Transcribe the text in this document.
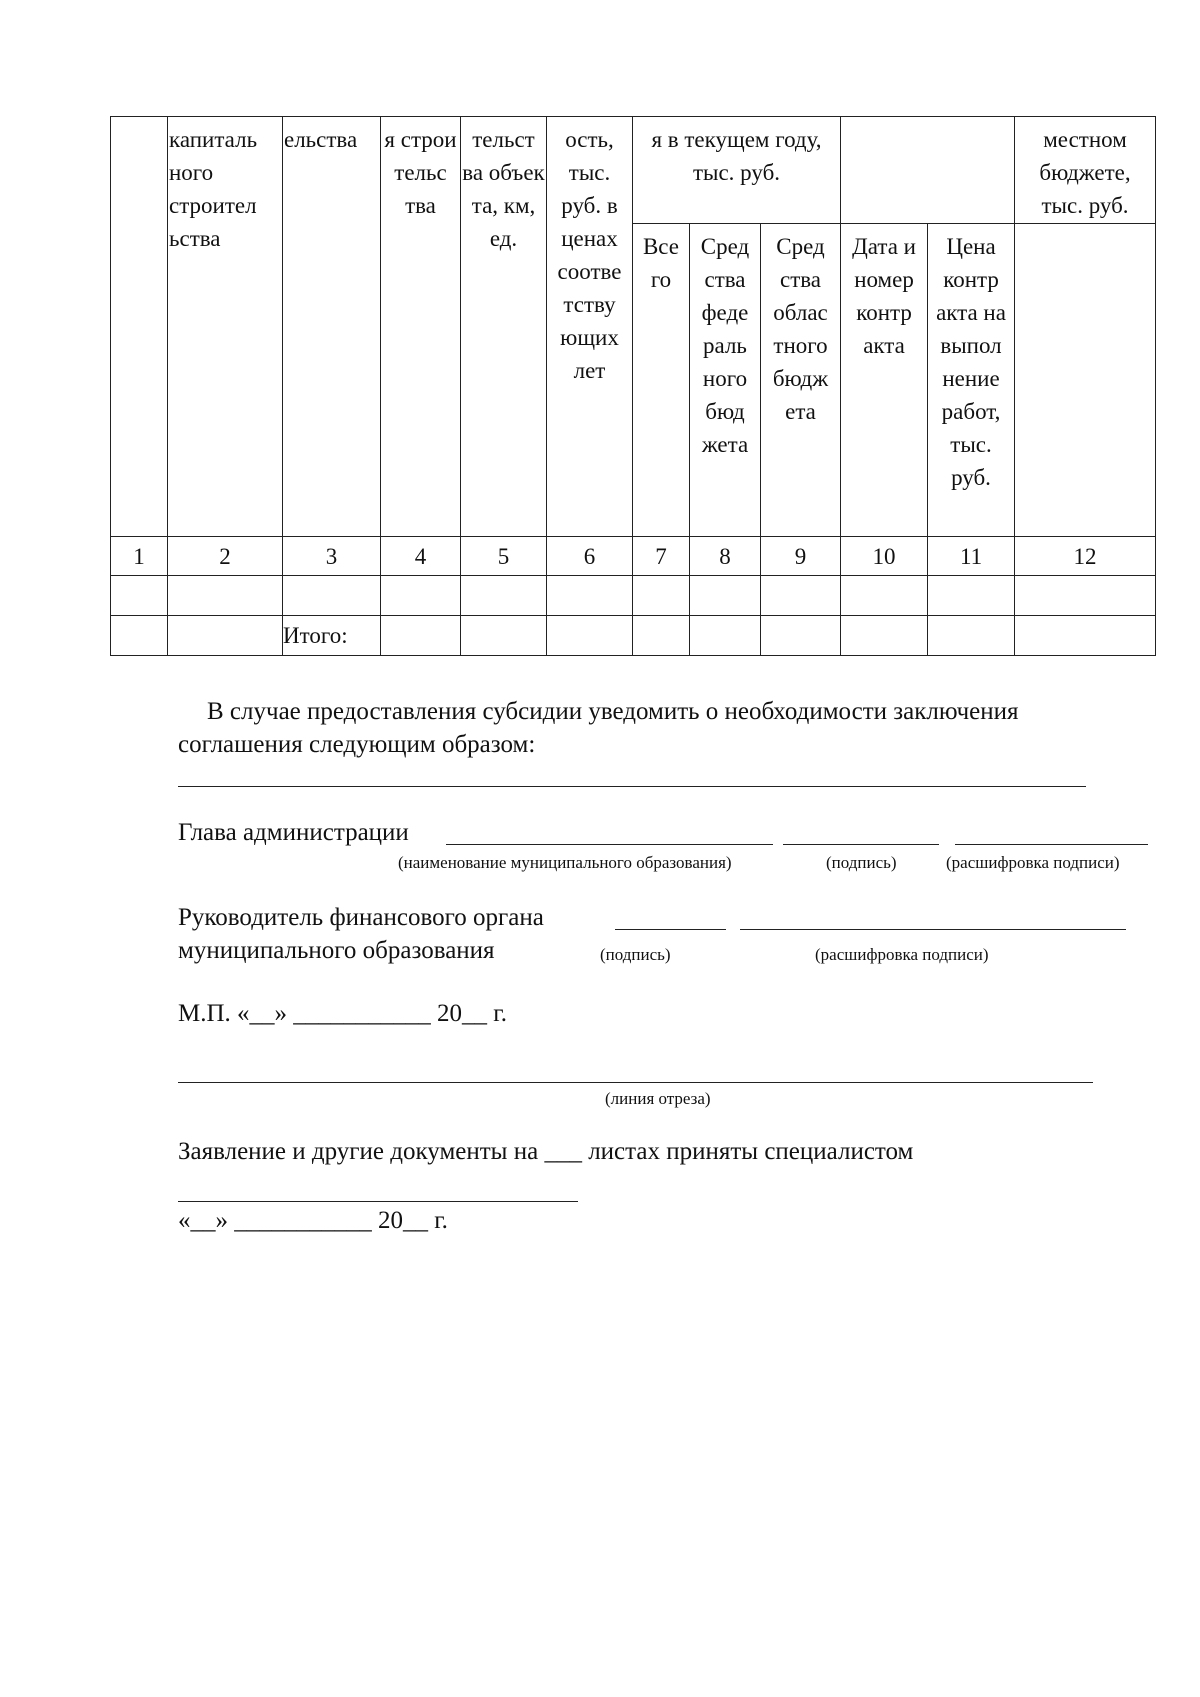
	капиталь ного строител ьства	ельства	я строи тельс тва	тельст ва объек та, км, ед.	ость, тыс. руб. в ценах соотве тству ющих лет	я в текущем году, тыс. руб.					местном бюджете, тыс. руб.
						Все го	Сред ства феде раль ного бюд жета	Сред ства облас тного бюдж ета	Дата и номер контр акта	Цена контр акта на выпол нение работ, тыс. руб.	
1	2	3	4	5	6	7	8	9	10	11	12

		Итого:									
В случае предоставления субсидии уведомить о необходимости заключения
соглашения следующим образом:
Глава администрации
(наименование муниципального образования)	(подпись)	(расшифровка подписи)
Руководитель финансового органа
муниципального образования	(подпись)	(расшифровка подписи)
М.П. «__» ___________ 20__ г.
(линия отреза)
Заявление и другие документы на ___ листах приняты специалистом
«__» ___________ 20__ г.
